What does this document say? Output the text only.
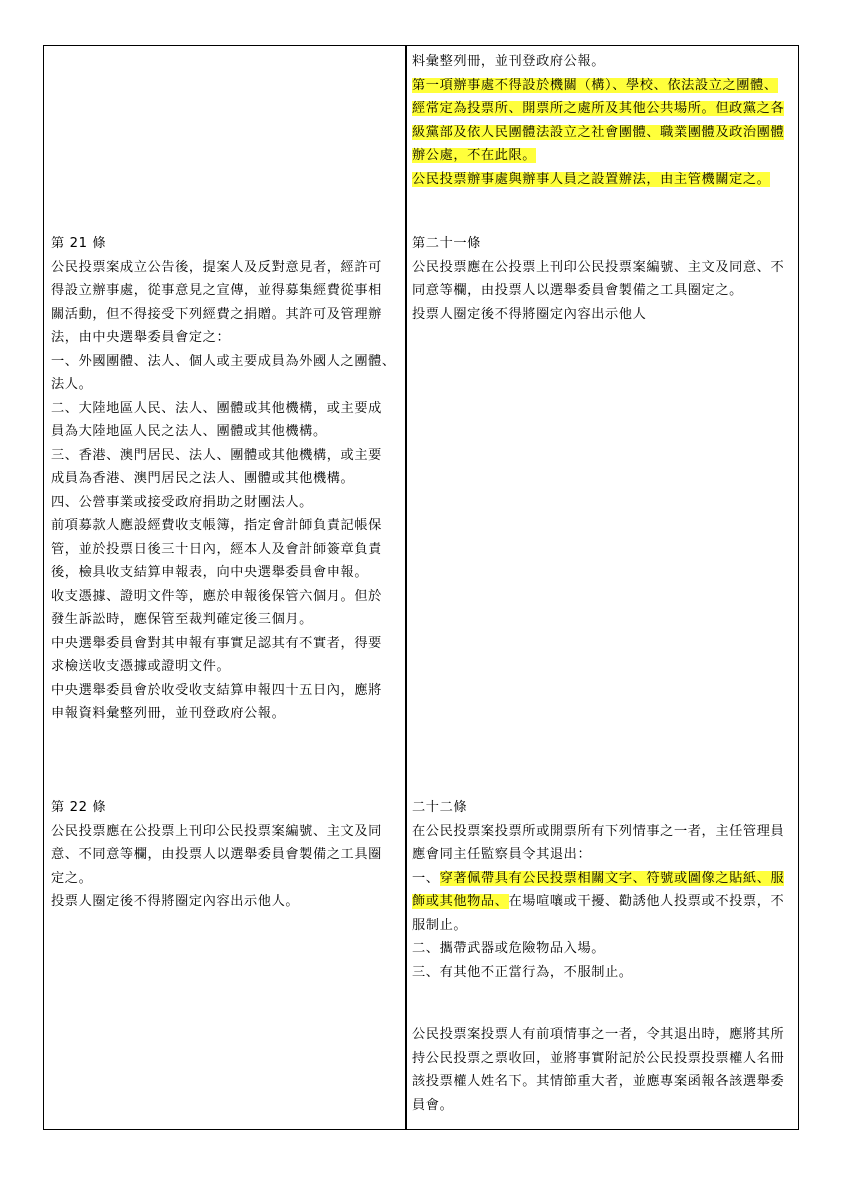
料彙整列冊，並刊登政府公報。

第一項辦事處不得設於機關（構）、學校、依法設立之團體、

經常定為投票所、開票所之處所及其他公共場所。但政黨之各

級黨部及依人民團體法設立之社會團體、職業團體及政治團體

辦公處，不在此限。

公民投票辦事處與辦事人員之設置辦法，由主管機關定之。

第 21 條

公民投票案成立公告後，提案人及反對意見者，經許可

得設立辦事處，從事意見之宣傳，並得募集經費從事相

關活動，但不得接受下列經費之捐贈。其許可及管理辦

法，由中央選舉委員會定之：

一、外國團體、法人、個人或主要成員為外國人之團體、

法人。

二、大陸地區人民、法人、團體或其他機構，或主要成

員為大陸地區人民之法人、團體或其他機構。

三、香港、澳門居民、法人、團體或其他機構，或主要

成員為香港、澳門居民之法人、團體或其他機構。

四、公營事業或接受政府捐助之財團法人。

前項募款人應設經費收支帳簿，指定會計師負責記帳保

管，並於投票日後三十日內，經本人及會計師簽章負責

後，檢具收支結算申報表，向中央選舉委員會申報。

收支憑據、證明文件等，應於申報後保管六個月。但於

發生訴訟時，應保管至裁判確定後三個月。

中央選舉委員會對其申報有事實足認其有不實者，得要

求檢送收支憑據或證明文件。

中央選舉委員會於收受收支結算申報四十五日內，應將

申報資料彙整列冊，並刊登政府公報。

第二十一條

公民投票應在公投票上刊印公民投票案編號、主文及同意、不

同意等欄，由投票人以選舉委員會製備之工具圈定之。

投票人圈定後不得將圈定內容出示他人

第 22 條

公民投票應在公投票上刊印公民投票案編號、主文及同

意、不同意等欄，由投票人以選舉委員會製備之工具圈

定之。

投票人圈定後不得將圈定內容出示他人。

二十二條

在公民投票案投票所或開票所有下列情事之一者，主任管理員

應會同主任監察員令其退出：

一、穿著佩帶具有公民投票相關文字、符號或圖像之貼紙、服

飾或其他物品、在場喧嚷或干擾、勸誘他人投票或不投票，不

服制止。

二、攜帶武器或危險物品入場。

三、有其他不正當行為，不服制止。

公民投票案投票人有前項情事之一者，令其退出時，應將其所

持公民投票之票收回，並將事實附記於公民投票投票權人名冊

該投票權人姓名下。其情節重大者，並應專案函報各該選舉委

員會。
